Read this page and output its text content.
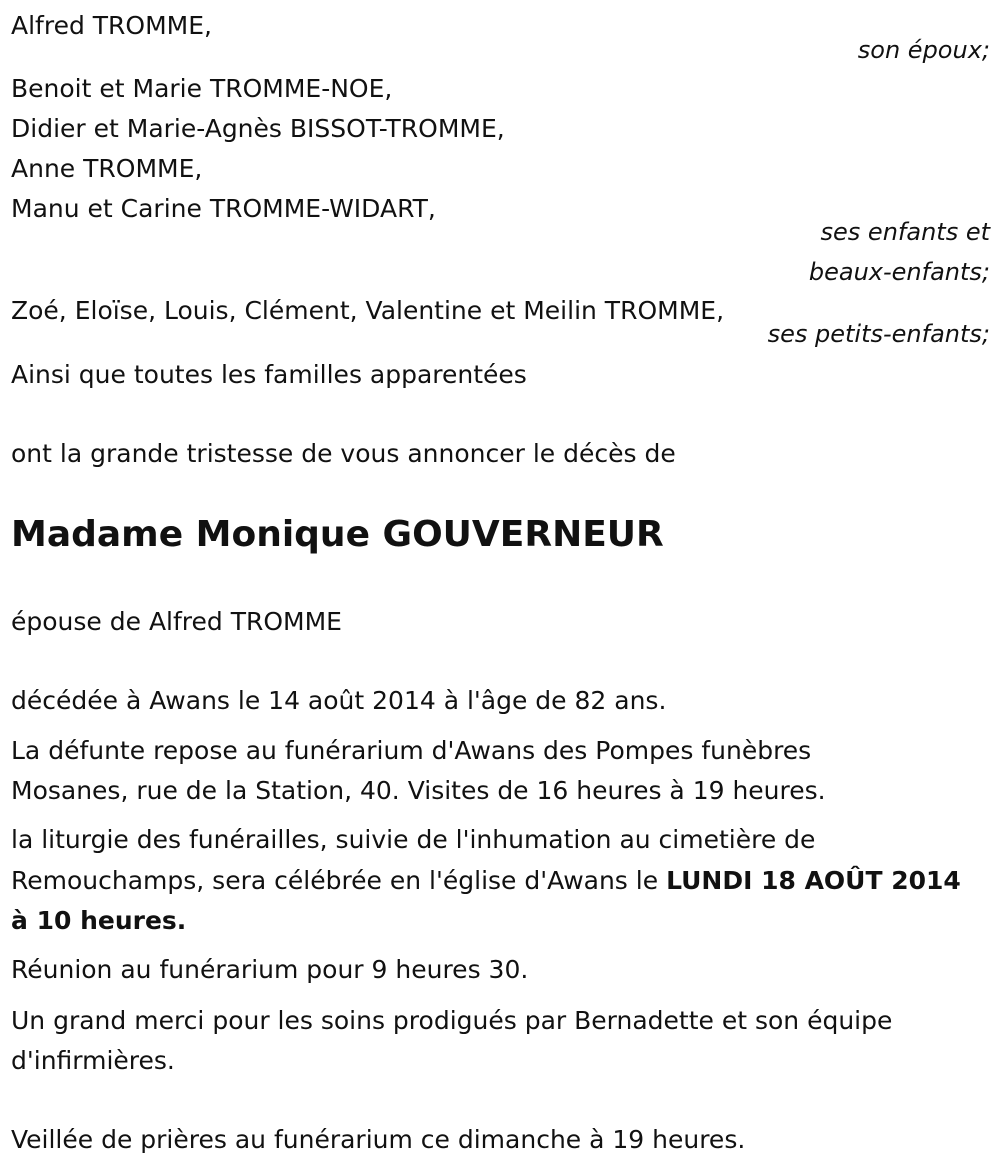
Alfred TROMME,
son époux;
Benoit et Marie TROMME-NOE,
Didier et Marie-Agnès BISSOT-TROMME,
Anne TROMME,
Manu et Carine TROMME-WIDART,
ses enfants et
beaux-enfants;
Zoé, Eloïse, Louis, Clément, Valentine et Meilin TROMME,
ses petits-enfants;
Ainsi que toutes les familles apparentées
ont la grande tristesse de vous annoncer le décès de
Madame Monique GOUVERNEUR
épouse de Alfred TROMME
décédée à Awans le 14 août 2014 à l'âge de 82 ans.
La défunte repose au funérarium d'Awans des Pompes funèbres
Mosanes, rue de la Station, 40. Visites de 16 heures à 19 heures.
la liturgie des funérailles, suivie de l'inhumation au cimetière de
Remouchamps, sera célébrée en l'église d'Awans le LUNDI 18 AOÛT 2014
à 10 heures.
Réunion au funérarium pour 9 heures 30.
Un grand merci pour les soins prodigués par Bernadette et son équipe
d'infirmières.
Veillée de prières au funérarium ce dimanche à 19 heures.
